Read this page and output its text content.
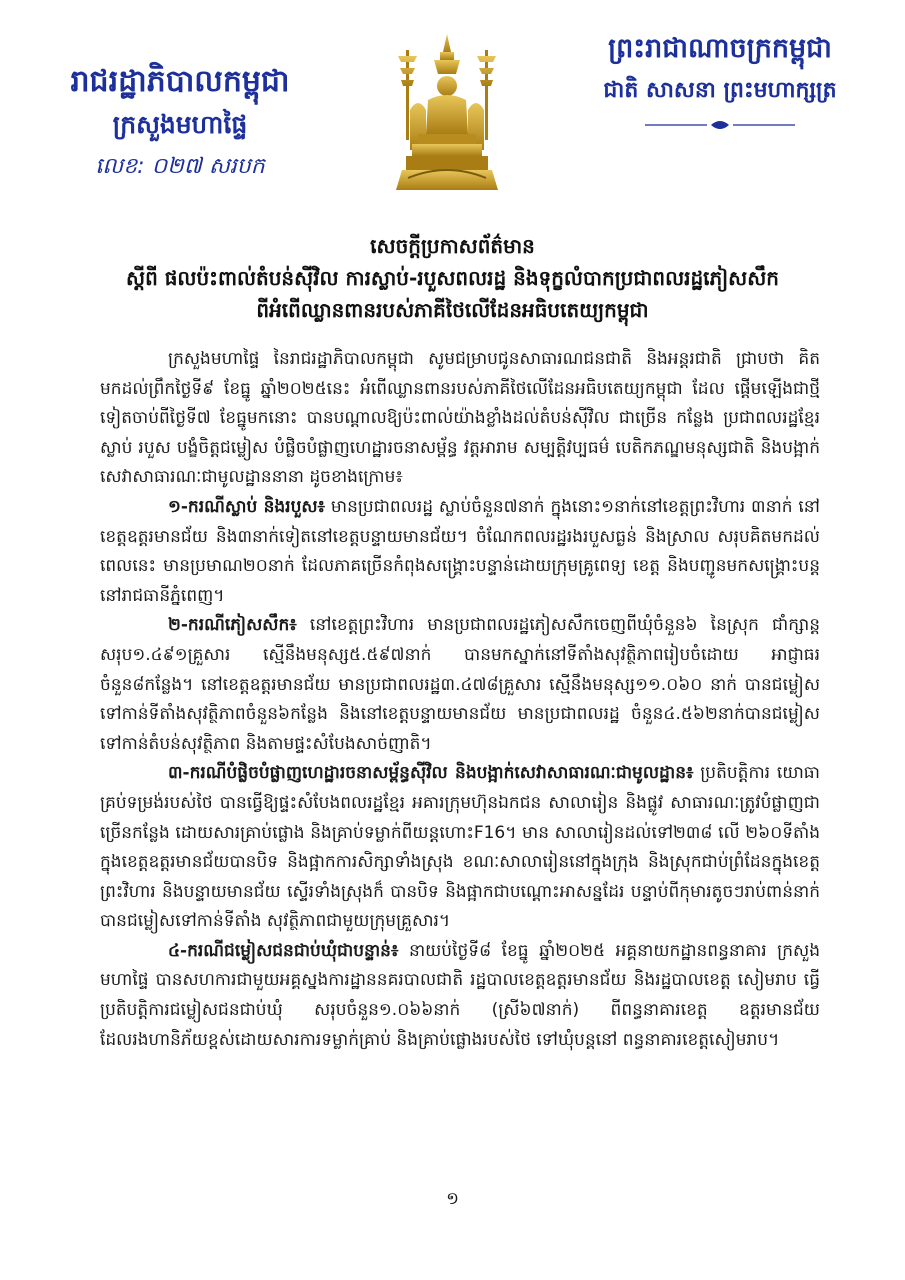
រាជរដ្ឋាភិបាលកម្ពុជា
ក្រសួងមហាផ្ទៃ
លេខ: ០២៧ សរបក
ព្រះរាជាណាចក្រកម្ពុជា
ជាតិ សាសនា ព្រះមហាក្សត្រ
សេចក្តីប្រកាសព័ត៌មាន
ស្តីពី ផលប៉ះពាល់តំបន់ស៊ីវិល ការស្លាប់-របួសពលរដ្ឋ និងទុក្ខលំបាកប្រជាពលរដ្ឋភៀសសឹក
ពីអំពើឈ្លានពានរបស់ភាគីថៃលើដែនអធិបតេយ្យកម្ពុជា

ក្រសួងមហាផ្ទៃ នៃរាជរដ្ឋាភិបាលកម្ពុជា សូមជម្រាបជូនសាធារណជនជាតិ និងអន្តរជាតិ ជ្រាបថា គិតមកដល់ព្រឹកថ្ងៃទី៩ ខែធ្នូ ឆ្នាំ២០២៥នេះ អំពើឈ្លានពានរបស់ភាគីថៃលើដែនអធិបតេយ្យកម្ពុជា ដែល ផ្តើមឡើងជាថ្មីទៀតចាប់ពីថ្ងៃទី៧ ខែធ្នូមកនោះ បានបណ្តាលឱ្យប៉ះពាល់យ៉ាងខ្លាំងដល់តំបន់ស៊ីវិល ជាច្រើន កន្លែង ប្រជាពលរដ្ឋខ្មែរស្លាប់ របួស បង្ខំចិត្តជម្លៀស បំផ្លិចបំផ្លាញហេដ្ឋារចនាសម្ព័ន្ធ វត្តអារាម សម្បត្តិវប្បធម៌ បេតិកភណ្ឌមនុស្សជាតិ និងបង្អាក់សេវាសាធារណៈជាមូលដ្ឋាននានា ដូចខាងក្រោម៖

១-ករណីស្លាប់ និងរបួស៖ មានប្រជាពលរដ្ឋ ស្លាប់ចំនួន៧នាក់ ក្នុងនោះ១នាក់នៅខេត្តព្រះវិហារ ៣នាក់ នៅខេត្តឧត្តរមានជ័យ និង៣នាក់ទៀតនៅខេត្តបន្ទាយមានជ័យ។ ចំណែកពលរដ្ឋរងរបួសធ្ងន់ និងស្រាល សរុបគិតមកដល់ពេលនេះ មានប្រមាណ២០នាក់ ដែលភាគច្រើនកំពុងសង្គ្រោះបន្ទាន់ដោយក្រុមគ្រូពេទ្យ ខេត្ត និងបញ្ជូនមកសង្គ្រោះបន្តនៅរាជធានីភ្នំពេញ។

២-ករណីភៀសសឹក៖ នៅខេត្តព្រះវិហារ មានប្រជាពលរដ្ឋភៀសសឹកចេញពីឃុំចំនួន៦ នៃស្រុក ជាំក្សាន្ត សរុប១.៤៩១គ្រួសារ ស្មើនឹងមនុស្ស៥.៥៩៧នាក់ បានមកស្នាក់នៅទីតាំងសុវត្ថិភាពរៀបចំដោយ អាជ្ញាធរចំនួន៨កន្លែង។ នៅខេត្តឧត្តរមានជ័យ មានប្រជាពលរដ្ឋ៣.៤៧៨គ្រួសារ ស្មើនឹងមនុស្ស១១.០៦០ នាក់ បានជម្លៀសទៅកាន់ទីតាំងសុវត្ថិភាពចំនួន៦កន្លែង និងនៅខេត្តបន្ទាយមានជ័យ មានប្រជាពលរដ្ឋ ចំនួន៤.៥៦២នាក់បានជម្លៀសទៅកាន់តំបន់សុវត្ថិភាព និងតាមផ្ទះសំបែងសាច់ញាតិ។

៣-ករណីបំផ្លិចបំផ្លាញហេដ្ឋារចនាសម្ព័ន្ធស៊ីវិល និងបង្អាក់សេវាសាធារណៈជាមូលដ្ឋាន៖ ប្រតិបត្តិការ យោធាគ្រប់ទម្រង់របស់ថៃ បានធ្វើឱ្យផ្ទះសំបែងពលរដ្ឋខ្មែរ អគារក្រុមហ៊ុនឯកជន សាលារៀន និងផ្លូវ សាធារណៈត្រូវបំផ្លាញជាច្រើនកន្លែង ដោយសារគ្រាប់ផ្លោង និងគ្រាប់ទម្លាក់ពីយន្តហោះF16។ មាន សាលារៀនដល់ទៅ២៣៨ លើ ២៦០ទីតាំង ក្នុងខេត្តឧត្តរមានជ័យបានបិទ និងផ្អាកការសិក្សាទាំងស្រុង ខណៈសាលារៀននៅក្នុងក្រុង និងស្រុកជាប់ព្រំដែនក្នុងខេត្តព្រះវិហារ និងបន្ទាយមានជ័យ ស្ទើរទាំងស្រុងក៏ បានបិទ និងផ្អាកជាបណ្តោះអាសន្នដែរ បន្ទាប់ពីកុមារតូចៗរាប់ពាន់នាក់ បានជម្លៀសទៅកាន់ទីតាំង សុវត្ថិភាពជាមួយក្រុមគ្រួសារ។

៤-ករណីជម្លៀសជនជាប់ឃុំជាបន្ទាន់៖ នាយប់ថ្ងៃទី៨ ខែធ្នូ ឆ្នាំ២០២៥ អគ្គនាយកដ្ឋានពន្ធនាគារ ក្រសួងមហាផ្ទៃ បានសហការជាមួយអគ្គស្នងការដ្ឋាននគរបាលជាតិ រដ្ឋបាលខេត្តឧត្តរមានជ័យ និងរដ្ឋបាលខេត្ត សៀមរាប ធ្វើប្រតិបត្តិការជម្លៀសជនជាប់ឃុំ សរុបចំនួន១.០៦៦នាក់ (ស្រី៦៧នាក់) ពីពន្ធនាគារខេត្ត ឧត្តរមានជ័យ ដែលរងហានិភ័យខ្ពស់ដោយសារការទម្លាក់គ្រាប់ និងគ្រាប់ផ្លោងរបស់ថៃ ទៅឃុំបន្តនៅ ពន្ធនាគារខេត្តសៀមរាប។

១
